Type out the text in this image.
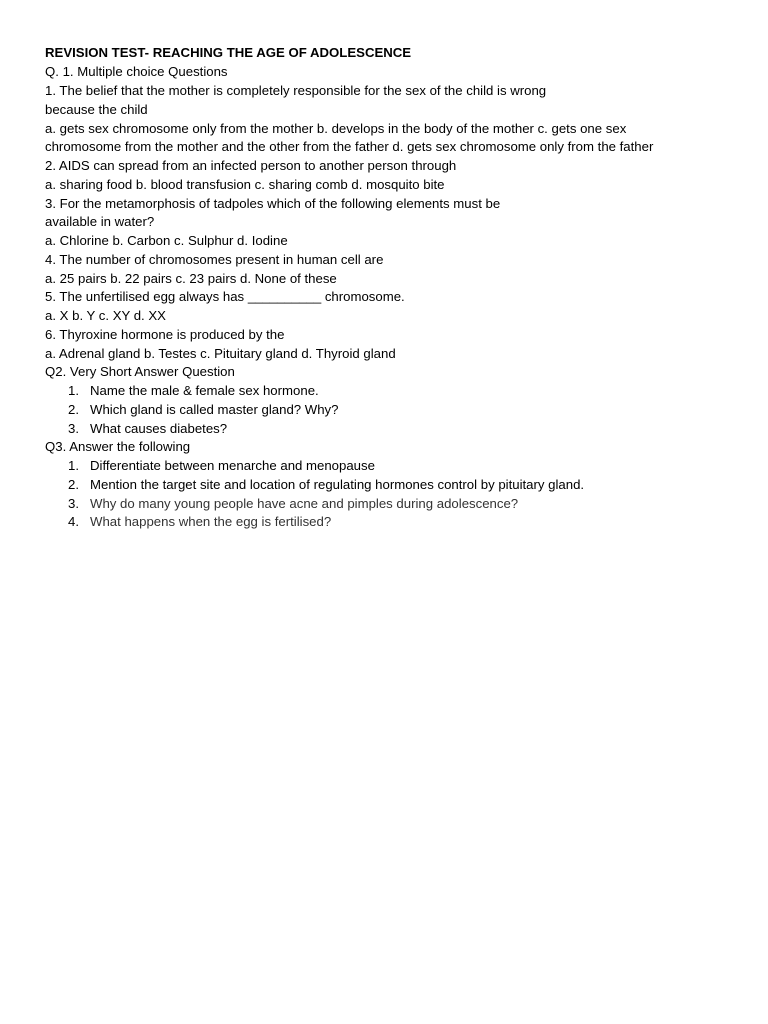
REVISION TEST- REACHING THE AGE OF ADOLESCENCE

Q. 1. Multiple choice Questions

1. The belief that the mother is completely responsible for the sex of the child is wrong

because the child

a. gets sex chromosome only from the mother b. develops in the body of the mother c. gets one sex

chromosome from the mother and the other from the father d. gets sex chromosome only from the father

2. AIDS can spread from an infected person to another person through

a. sharing food b. blood transfusion c. sharing comb d. mosquito bite

3. For the metamorphosis of tadpoles which of the following elements must be

available in water?

a. Chlorine b. Carbon c. Sulphur d. Iodine

4. The number of chromosomes present in human cell are

a. 25 pairs b. 22 pairs c. 23 pairs d. None of these

5. The unfertilised egg always has __________ chromosome.

a. X b. Y c. XY d. XX

6. Thyroxine hormone is produced by the

a. Adrenal gland b. Testes c. Pituitary gland d. Thyroid gland

Q2. Very Short Answer Question

1. Name the male & female sex hormone.
2. Which gland is called master gland? Why?
3. What causes diabetes?

Q3. Answer the following

1. Differentiate between menarche and menopause
2. Mention the target site and location of regulating hormones control by pituitary gland.
3. Why do many young people have acne and pimples during adolescence?
4. What happens when the egg is fertilised?
